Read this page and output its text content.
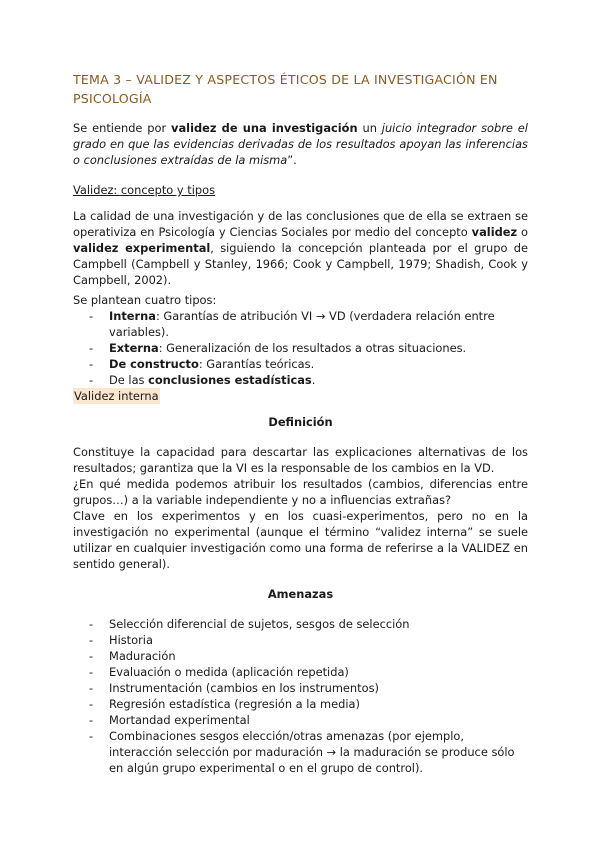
TEMA 3 – VALIDEZ Y ASPECTOS ÉTICOS DE LA INVESTIGACIÓN EN PSICOLOGÍA

Se entiende por validez de una investigación un juicio integrador sobre el grado en que las evidencias derivadas de los resultados apoyan las inferencias o conclusiones extraídas de la misma”.

Validez: concepto y tipos

La calidad de una investigación y de las conclusiones que de ella se extraen se operativiza en Psicología y Ciencias Sociales por medio del concepto validez o validez experimental, siguiendo la concepción planteada por el grupo de Campbell (Campbell y Stanley, 1966; Cook y Campbell, 1979; Shadish, Cook y Campbell, 2002).

Se plantean cuatro tipos:

- Interna: Garantías de atribución VI → VD (verdadera relación entre variables).
- Externa: Generalización de los resultados a otras situaciones.
- De constructo: Garantías teóricas.
- De las conclusiones estadísticas.
Validez interna
Definición

Constituye la capacidad para descartar las explicaciones alternativas de los resultados; garantiza que la VI es la responsable de los cambios en la VD.

¿En qué medida podemos atribuir los resultados (cambios, diferencias entre grupos…) a la variable independiente y no a influencias extrañas?

Clave en los experimentos y en los cuasi-experimentos, pero no en la investigación no experimental (aunque el término “validez interna” se suele utilizar en cualquier investigación como una forma de referirse a la VALIDEZ en sentido general).

Amenazas
- Selección diferencial de sujetos, sesgos de selección
- Historia
- Maduración
- Evaluación o medida (aplicación repetida)
- Instrumentación (cambios en los instrumentos)
- Regresión estadística (regresión a la media)
- Mortandad experimental
- Combinaciones sesgos elección/otras amenazas (por ejemplo, interacción selección por maduración → la maduración se produce sólo en algún grupo experimental o en el grupo de control).
